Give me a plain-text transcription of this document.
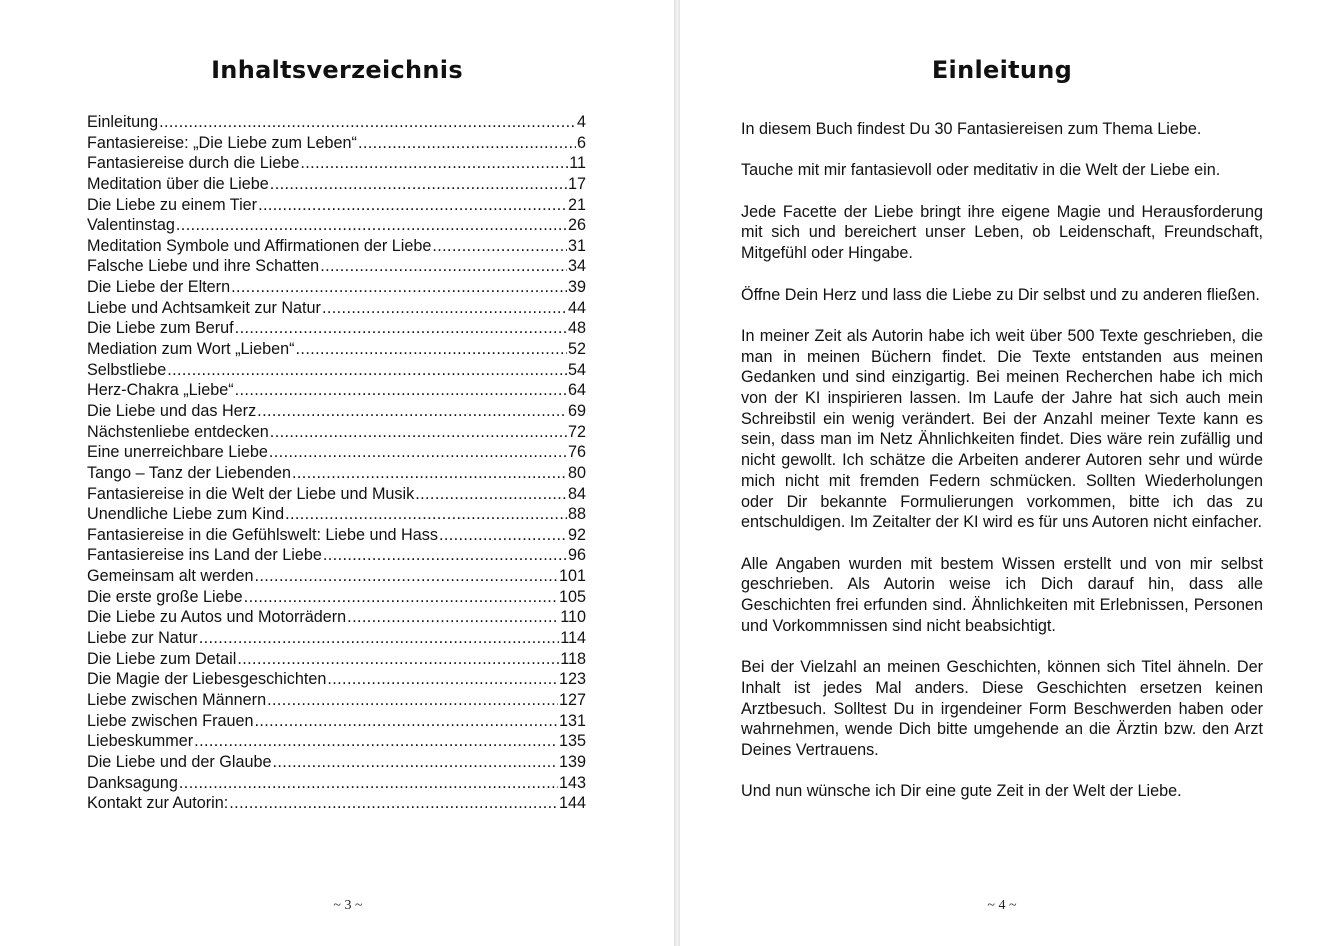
Inhaltsverzeichnis
Einleitung .....	4
Fantasiereise: „Die Liebe zum Leben“ .....	6
Fantasiereise durch die Liebe .....	11
Meditation über die Liebe .....	17
Die Liebe zu einem Tier .....	21
Valentinstag .....	26
Meditation Symbole und Affirmationen der Liebe .....	31
Falsche Liebe und ihre Schatten .....	34
Die Liebe der Eltern .....	39
Liebe und Achtsamkeit zur Natur .....	44
Die Liebe zum Beruf .....	48
Mediation zum Wort „Lieben“ .....	52
Selbstliebe .....	54
Herz-Chakra „Liebe“ .....	64
Die Liebe und das Herz .....	69
Nächstenliebe entdecken .....	72
Eine unerreichbare Liebe .....	76
Tango – Tanz der Liebenden .....	80
Fantasiereise in die Welt der Liebe und Musik .....	84
Unendliche Liebe zum Kind .....	88
Fantasiereise in die Gefühlswelt: Liebe und Hass .....	92
Fantasiereise ins Land der Liebe .....	96
Gemeinsam alt werden .....	101
Die erste große Liebe .....	105
Die Liebe zu Autos und Motorrädern .....	110
Liebe zur Natur .....	114
Die Liebe zum Detail .....	118
Die Magie der Liebesgeschichten .....	123
Liebe zwischen Männern .....	127
Liebe zwischen Frauen .....	131
Liebeskummer .....	135
Die Liebe und der Glaube .....	139
Danksagung .....	143
Kontakt zur Autorin: .....	144
~ 3 ~
Einleitung

In diesem Buch findest Du 30 Fantasiereisen zum Thema Liebe.

Tauche mit mir fantasievoll oder meditativ in die Welt der Liebe ein.

Jede Facette der Liebe bringt ihre eigene Magie und Herausforderung mit sich und bereichert unser Leben, ob Leidenschaft, Freundschaft, Mitgefühl oder Hingabe.

Öffne Dein Herz und lass die Liebe zu Dir selbst und zu anderen fließen.

In meiner Zeit als Autorin habe ich weit über 500 Texte geschrieben, die man in meinen Büchern findet. Die Texte entstanden aus meinen Gedanken und sind einzigartig. Bei meinen Recherchen habe ich mich von der KI inspirieren lassen. Im Laufe der Jahre hat sich auch mein Schreibstil ein wenig verändert. Bei der Anzahl meiner Texte kann es sein, dass man im Netz Ähnlichkeiten findet. Dies wäre rein zufällig und nicht gewollt. Ich schätze die Arbeiten anderer Autoren sehr und würde mich nicht mit fremden Federn schmücken. Sollten Wiederholungen oder Dir bekannte Formulierungen vorkommen, bitte ich das zu entschuldigen. Im Zeitalter der KI wird es für uns Autoren nicht einfacher.

Alle Angaben wurden mit bestem Wissen erstellt und von mir selbst geschrieben. Als Autorin weise ich Dich darauf hin, dass alle Geschichten frei erfunden sind. Ähnlichkeiten mit Erlebnissen, Personen und Vorkommnissen sind nicht beabsichtigt.

Bei der Vielzahl an meinen Geschichten, können sich Titel ähneln. Der Inhalt ist jedes Mal anders. Diese Geschichten ersetzen keinen Arztbesuch. Solltest Du in irgendeiner Form Beschwerden haben oder wahrnehmen, wende Dich bitte umgehende an die Ärztin bzw. den Arzt Deines Vertrauens.

Und nun wünsche ich Dir eine gute Zeit in der Welt der Liebe.

~ 4 ~
